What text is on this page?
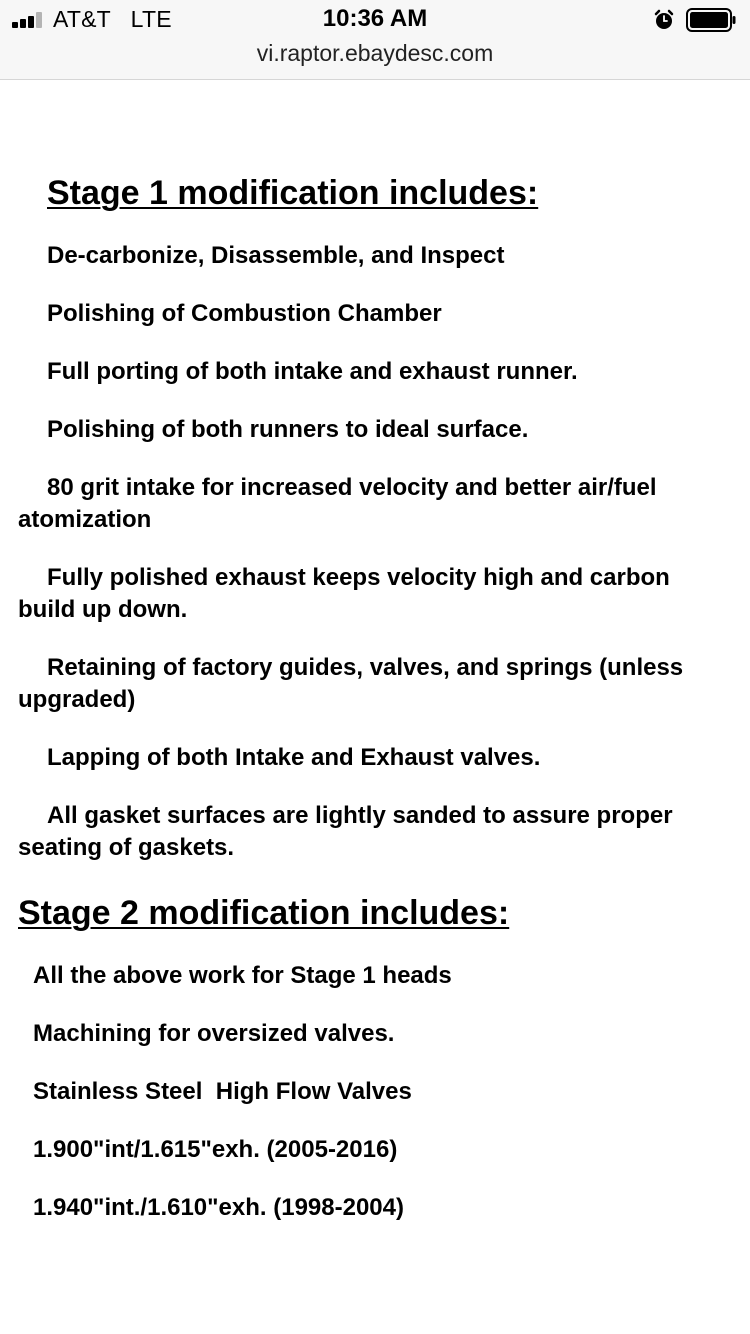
AT&T LTE	10:36 AM
vi.raptor.ebaydesc.com
Stage 1 modification includes:
De-carbonize, Disassemble, and Inspect
Polishing of Combustion Chamber
Full porting of both intake and exhaust runner.
Polishing of both runners to ideal surface.
80 grit intake for increased velocity and better air/fuel atomization
Fully polished exhaust keeps velocity high and carbon build up down.
Retaining of factory guides, valves, and springs (unless upgraded)
Lapping of both Intake and Exhaust valves.
All gasket surfaces are lightly sanded to assure proper seating of gaskets.
Stage 2 modification includes:
All the above work for Stage 1 heads
Machining for oversized valves.
Stainless Steel  High Flow Valves
1.900"int/1.615"exh. (2005-2016)
1.940"int./1.610"exh. (1998-2004)
